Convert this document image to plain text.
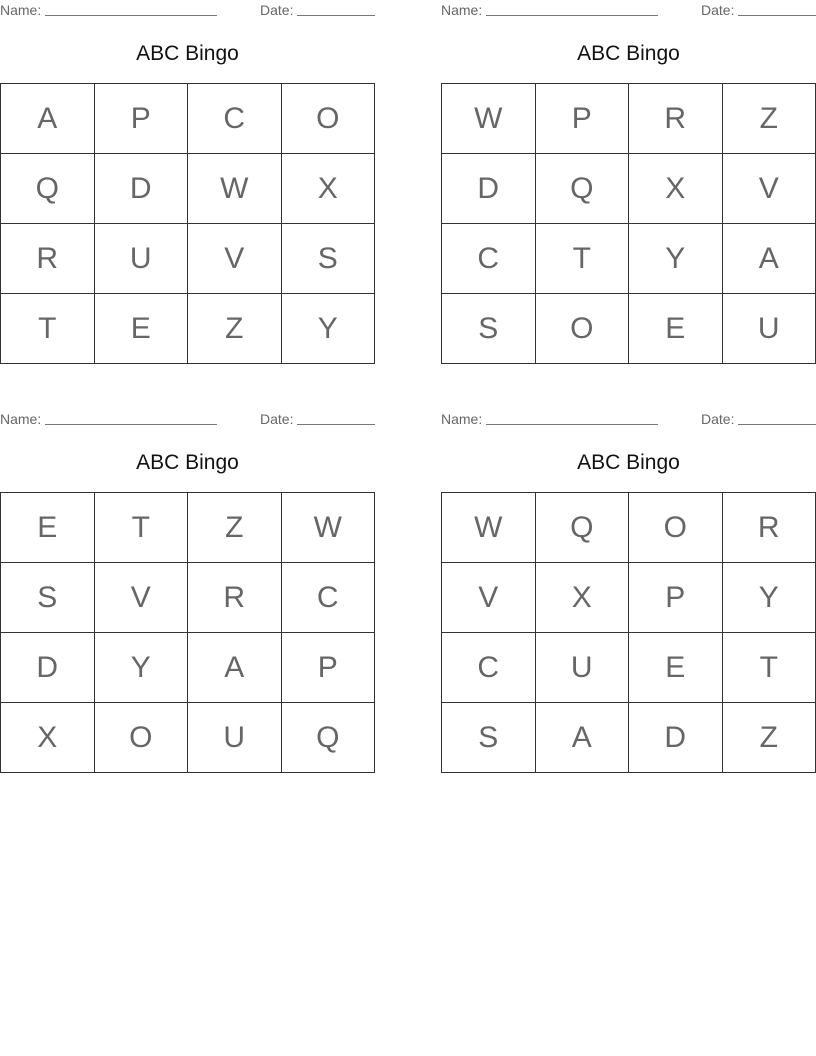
Name:	Date:
ABC Bingo
A	P	C	O
Q	D	W	X
R	U	V	S
T	E	Z	Y
Name:	Date:
ABC Bingo
W	P	R	Z
D	Q	X	V
C	T	Y	A
S	O	E	U
Name:	Date:
ABC Bingo
E	T	Z	W
S	V	R	C
D	Y	A	P
X	O	U	Q
Name:	Date:
ABC Bingo
W	Q	O	R
V	X	P	Y
C	U	E	T
S	A	D	Z
